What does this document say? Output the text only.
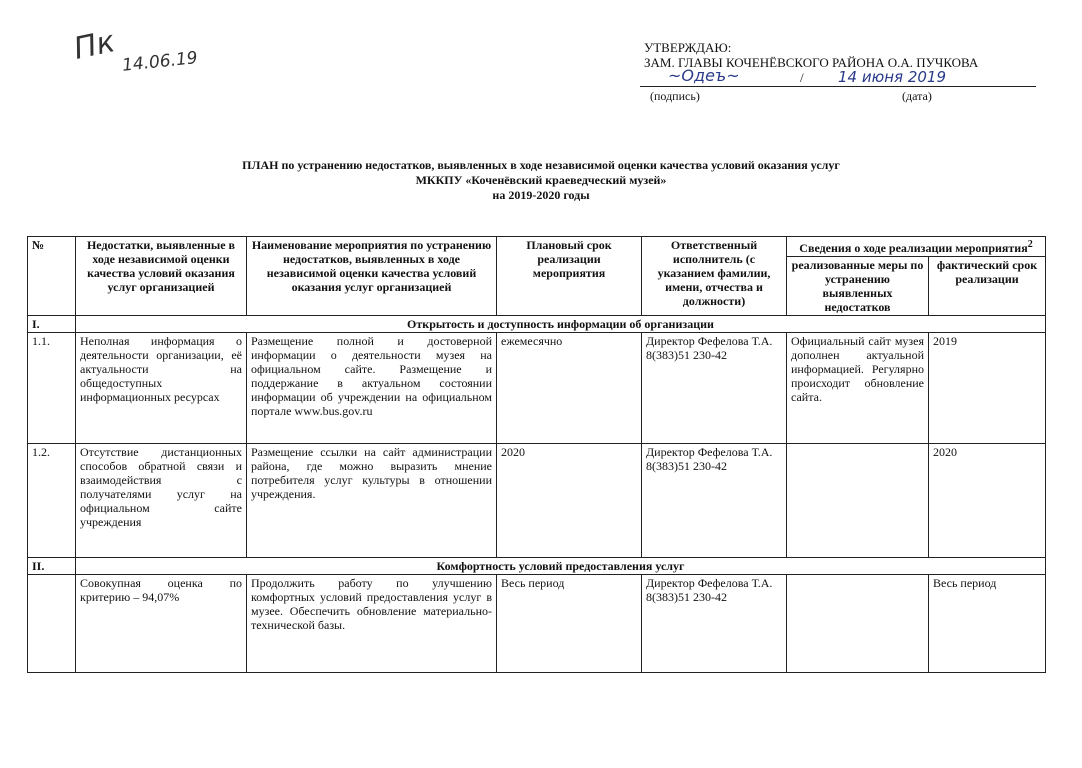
Пк 14.06.19
УТВЕРЖДАЮ:
ЗАМ. ГЛАВЫ КОЧЕНЁВСКОГО РАЙОНА О.А. ПУЧКОВА
~Одеъ~	/ 14 июня 2019
(подпись)	(дата)
ПЛАН по устранению недостатков, выявленных в ходе независимой оценки качества условий оказания услуг
МККПУ «Коченёвский краеведческий музей»
на 2019-2020 годы
№	Недостатки, выявленные в ходе независимой оценки качества условий оказания услуг организацией	Наименование мероприятия по устранению недостатков, выявленных в ходе независимой оценки качества условий оказания услуг организацией	Плановый срок реализации мероприятия	Ответственный исполнитель (с указанием фамилии, имени, отчества и должности)	Сведения о ходе реализации мероприятия$^2$
					реализованные меры по устранению выявленных недостатков	фактический срок реализации
I.	Открытость и доступность информации об организации					
1.1.	Неполная информация о деятельности организации, её актуальности на общедоступных информационных ресурсах	Размещение полной и достоверной информации о деятельности музея на официальном сайте. Размещение и поддержание в актуальном состоянии информации об учреждении на официальном портале www.bus.gov.ru	ежемесячно	Директор Фефелова Т.А. 8(383)51 230-42	Официальный сайт музея дополнен актуальной информацией. Регулярно происходит обновление сайта.	2019
1.2.	Отсутствие дистанционных способов обратной связи и взаимодействия с получателями услуг на официальном сайте учреждения	Размещение ссылки на сайт администрации района, где можно выразить мнение потребителя услуг культуры в отношении учреждения.	2020	Директор Фефелова Т.А. 8(383)51 230-42		2020
II.	Комфортность условий предоставления услуг					
	Совокупная оценка по критерию – 94,07%	Продолжить работу по улучшению комфортных условий предоставления услуг в музее. Обеспечить обновление материально-технической базы.	Весь период	Директор Фефелова Т.А. 8(383)51 230-42		Весь период
